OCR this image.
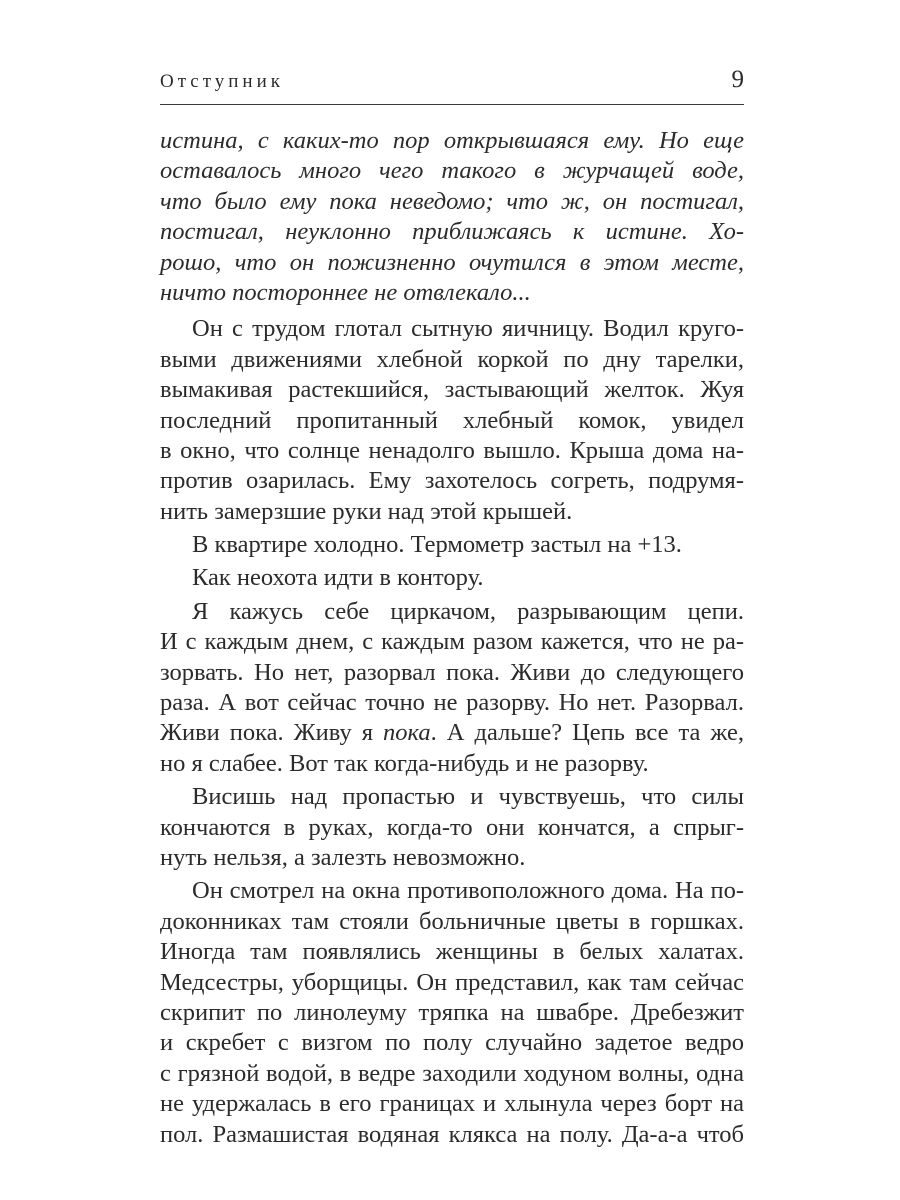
Отступник	9
истина, с каких-то пор открывшаяся ему. Но еще
оставалось много чего такого в журчащей воде,
что было ему пока неведомо; что ж, он постигал,
постигал, неуклонно приближаясь к истине. Хо-
рошо, что он пожизненно очутился в этом месте,
ничто постороннее не отвлекало...
Он с трудом глотал сытную яичницу. Водил круго-
выми движениями хлебной коркой по дну тарелки,
вымакивая растекшийся, застывающий желток. Жуя
последний пропитанный хлебный комок, увидел
в окно, что солнце ненадолго вышло. Крыша дома на-
против озарилась. Ему захотелось согреть, подрумя-
нить замерзшие руки над этой крышей.
В квартире холодно. Термометр застыл на +13.
Как неохота идти в контору.
Я кажусь себе циркачом, разрывающим цепи.
И с каждым днем, с каждым разом кажется, что не ра-
зорвать. Но нет, разорвал пока. Живи до следующего
раза. А вот сейчас точно не разорву. Но нет. Разорвал.
Живи пока. Живу я пока. А дальше? Цепь все та же,
но я слабее. Вот так когда-нибудь и не разорву.
Висишь над пропастью и чувствуешь, что силы
кончаются в руках, когда-то они кончатся, а спрыг-
нуть нельзя, а залезть невозможно.
Он смотрел на окна противоположного дома. На по-
доконниках там стояли больничные цветы в горшках.
Иногда там появлялись женщины в белых халатах.
Медсестры, уборщицы. Он представил, как там сейчас
скрипит по линолеуму тряпка на швабре. Дребезжит
и скребет с визгом по полу случайно задетое ведро
с грязной водой, в ведре заходили ходуном волны, одна
не удержалась в его границах и хлынула через борт на
пол. Размашистая водяная клякса на полу. Да-а-а чтоб
